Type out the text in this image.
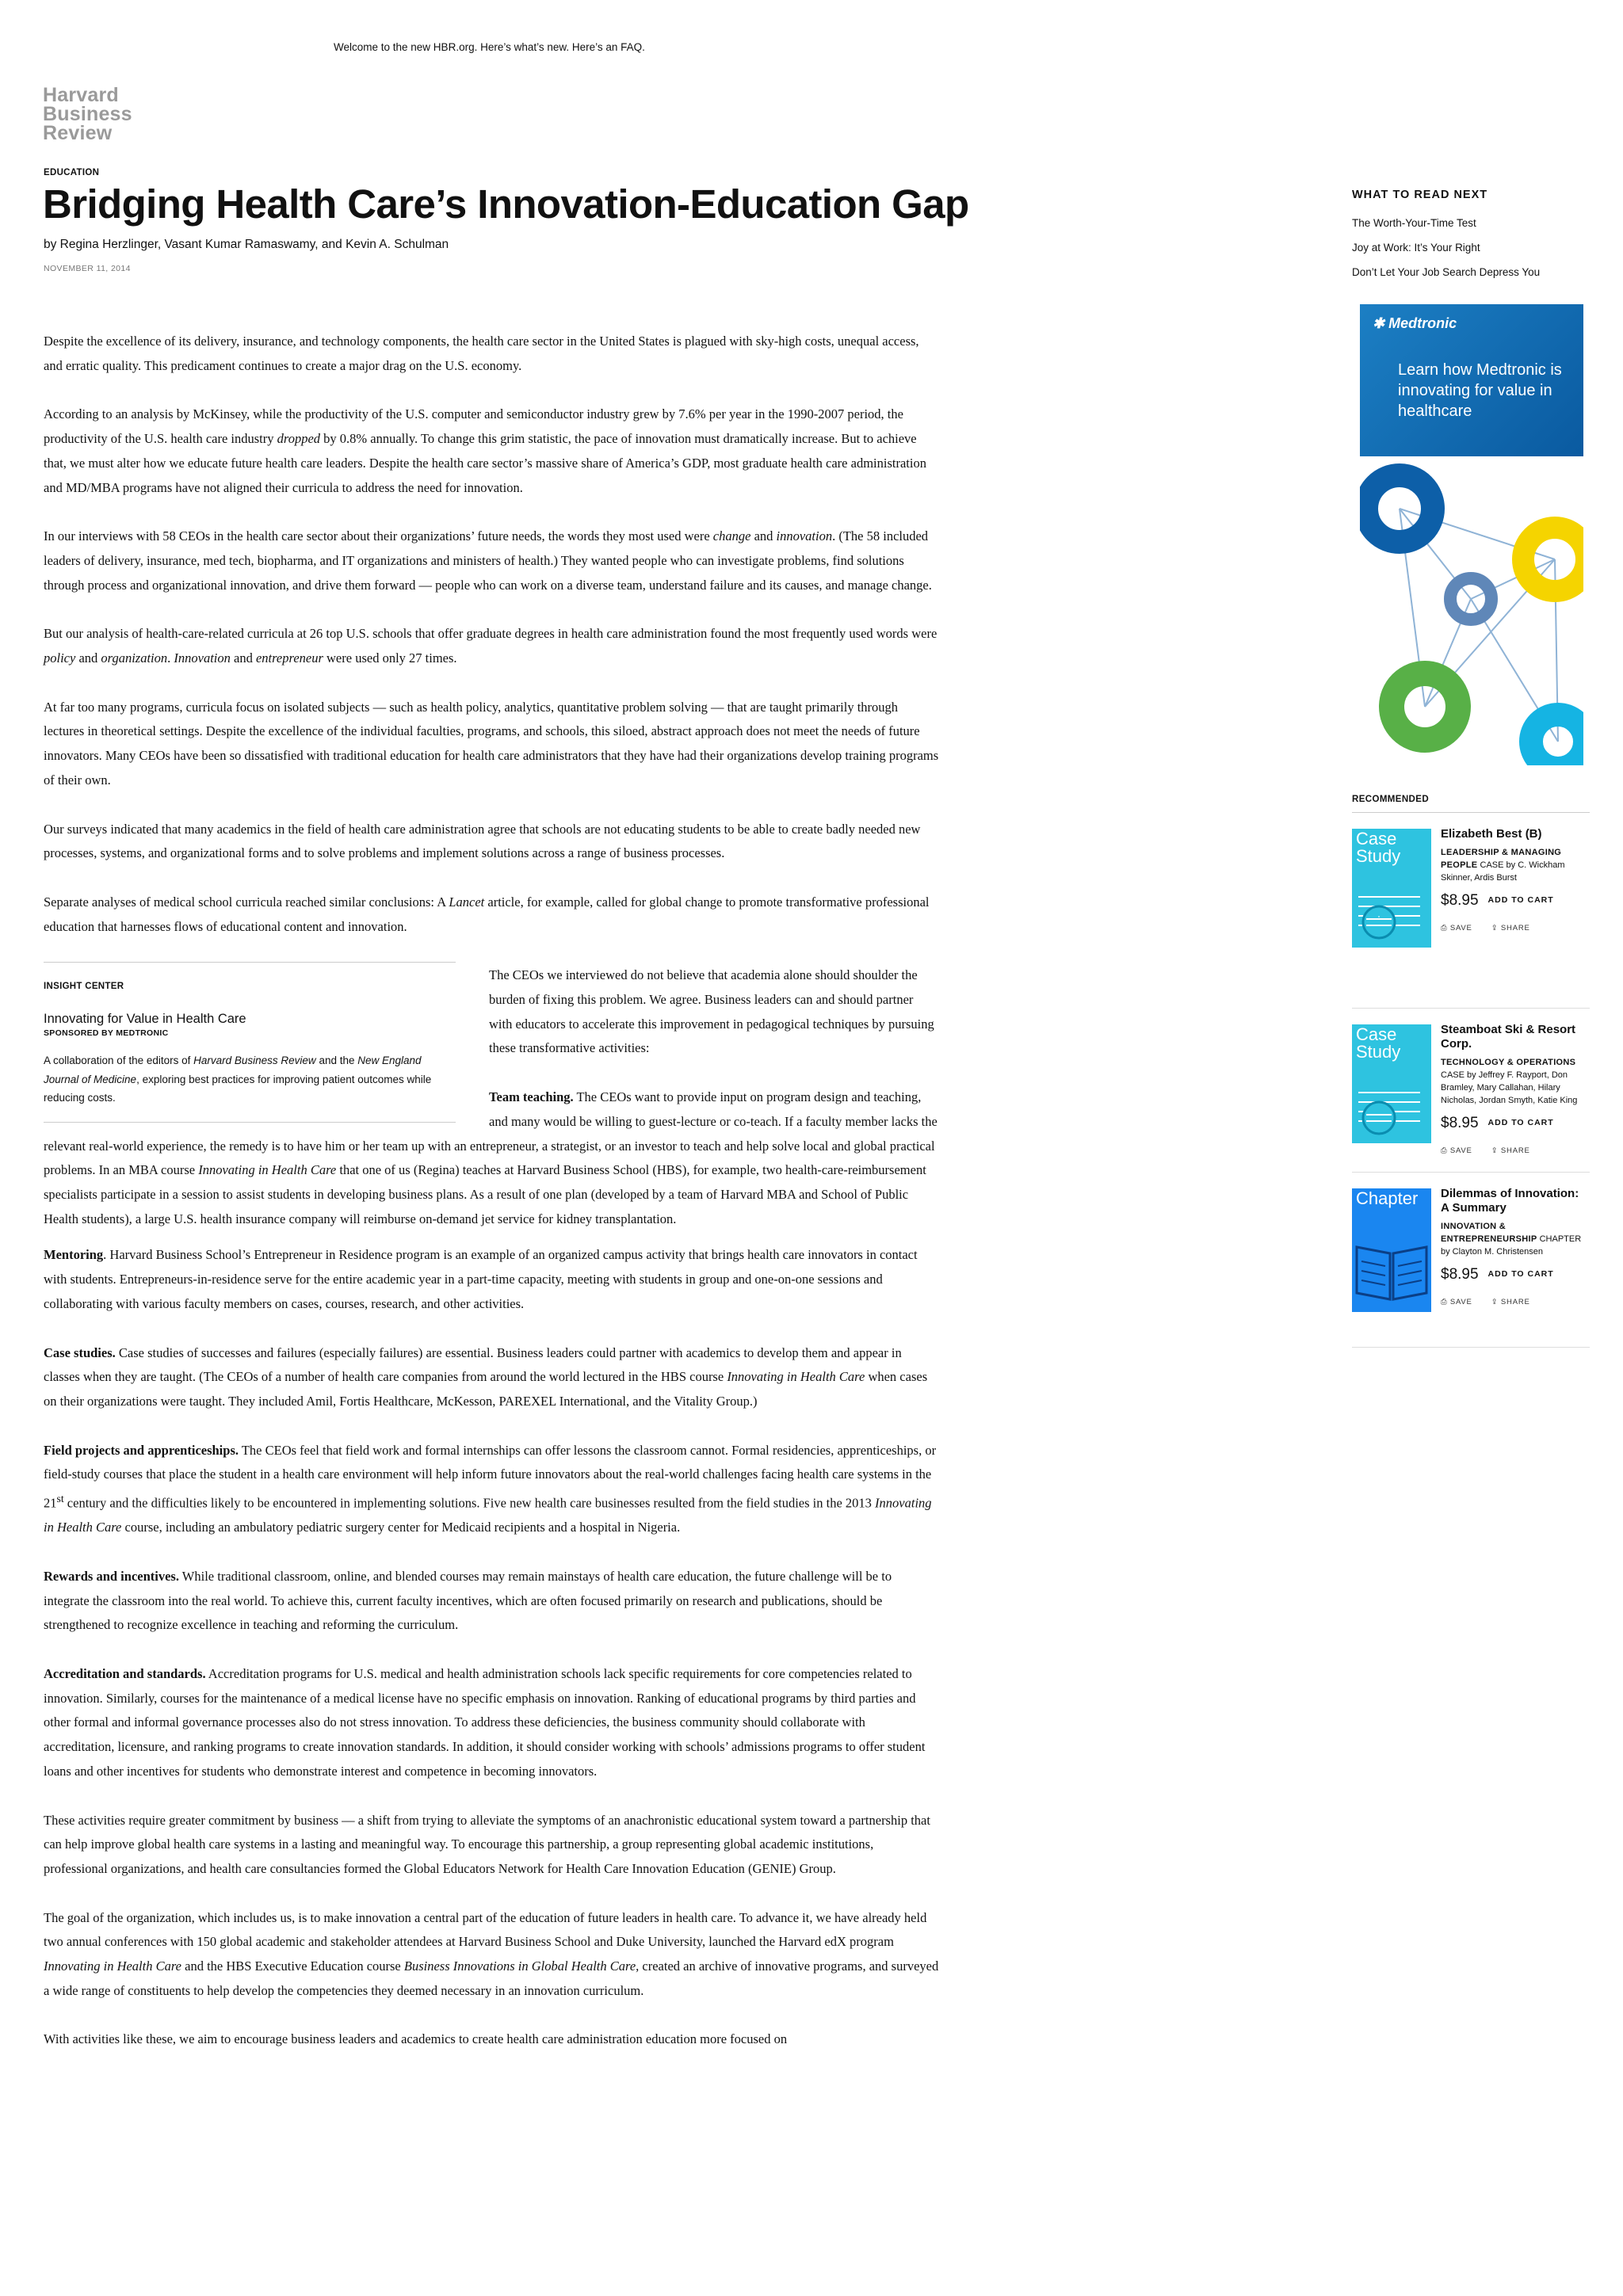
Welcome to the new HBR.org. Here’s what’s new. Here’s an FAQ.
Harvard
Business
Review
EDUCATION
Bridging Health Care’s Innovation-Education Gap
by Regina Herzlinger, Vasant Kumar Ramaswamy, and Kevin A. Schulman
NOVEMBER 11, 2014

Despite the excellence of its delivery, insurance, and technology components, the health care sector in the United States is plagued with sky-high costs, unequal access, and erratic quality. This predicament continues to create a major drag on the U.S. economy.

According to an analysis by McKinsey, while the productivity of the U.S. computer and semiconductor industry grew by 7.6% per year in the 1990-2007 period, the productivity of the U.S. health care industry dropped by 0.8% annually. To change this grim statistic, the pace of innovation must dramatically increase. But to achieve that, we must alter how we educate future health care leaders. Despite the health care sector’s massive share of America’s GDP, most graduate health care administration and MD/MBA programs have not aligned their curricula to address the need for innovation.

In our interviews with 58 CEOs in the health care sector about their organizations’ future needs, the words they most used were change and innovation. (The 58 included leaders of delivery, insurance, med tech, biopharma, and IT organizations and ministers of health.) They wanted people who can investigate problems, find solutions through process and organizational innovation, and drive them forward — people who can work on a diverse team, understand failure and its causes, and manage change.

But our analysis of health-care-related curricula at 26 top U.S. schools that offer graduate degrees in health care administration found the most frequently used words were policy and organization. Innovation and entrepreneur were used only 27 times.

At far too many programs, curricula focus on isolated subjects — such as health policy, analytics, quantitative problem solving — that are taught primarily through lectures in theoretical settings. Despite the excellence of the individual faculties, programs, and schools, this siloed, abstract approach does not meet the needs of future innovators. Many CEOs have been so dissatisfied with traditional education for health care administrators that they have had their organizations develop training programs of their own.

Our surveys indicated that many academics in the field of health care administration agree that schools are not educating students to be able to create badly needed new processes, systems, and organizational forms and to solve problems and implement solutions across a range of business processes.

Separate analyses of medical school curricula reached similar conclusions: A Lancet article, for example, called for global change to promote transformative professional education that harnesses flows of educational content and innovation.

INSIGHT CENTER
Innovating for Value in Health Care
SPONSORED BY MEDTRONIC
A collaboration of the editors of Harvard Business Review and the New England Journal of Medicine, exploring best practices for improving patient outcomes while reducing costs.

The CEOs we interviewed do not believe that academia alone should shoulder the burden of fixing this problem. We agree. Business leaders can and should partner with educators to accelerate this improvement in pedagogical techniques by pursuing these transformative activities:

Team teaching. The CEOs want to provide input on program design and teaching, and many would be willing to guest-lecture or co-teach. If a faculty member lacks the relevant real-world experience, the remedy is to have him or her team up with an entrepreneur, a strategist, or an investor to teach and help solve local and global practical problems. In an MBA course Innovating in Health Care that one of us (Regina) teaches at Harvard Business School (HBS), for example, two health-care-reimbursement specialists participate in a session to assist students in developing business plans. As a result of one plan (developed by a team of Harvard MBA and School of Public Health students), a large U.S. health insurance company will reimburse on-demand jet service for kidney transplantation.

Mentoring. Harvard Business School’s Entrepreneur in Residence program is an example of an organized campus activity that brings health care innovators in contact with students. Entrepreneurs-in-residence serve for the entire academic year in a part-time capacity, meeting with students in group and one-on-one sessions and collaborating with various faculty members on cases, courses, research, and other activities.

Case studies. Case studies of successes and failures (especially failures) are essential. Business leaders could partner with academics to develop them and appear in classes when they are taught. (The CEOs of a number of health care companies from around the world lectured in the HBS course Innovating in Health Care when cases on their organizations were taught. They included Amil, Fortis Healthcare, McKesson, PAREXEL International, and the Vitality Group.)

Field projects and apprenticeships. The CEOs feel that field work and formal internships can offer lessons the classroom cannot. Formal residencies, apprenticeships, or field-study courses that place the student in a health care environment will help inform future innovators about the real-world challenges facing health care systems in the 21st century and the difficulties likely to be encountered in implementing solutions. Five new health care businesses resulted from the field studies in the 2013 Innovating in Health Care course, including an ambulatory pediatric surgery center for Medicaid recipients and a hospital in Nigeria.

Rewards and incentives. While traditional classroom, online, and blended courses may remain mainstays of health care education, the future challenge will be to integrate the classroom into the real world. To achieve this, current faculty incentives, which are often focused primarily on research and publications, should be strengthened to recognize excellence in teaching and reforming the curriculum.

Accreditation and standards. Accreditation programs for U.S. medical and health administration schools lack specific requirements for core competencies related to innovation. Similarly, courses for the maintenance of a medical license have no specific emphasis on innovation. Ranking of educational programs by third parties and other formal and informal governance processes also do not stress innovation. To address these deficiencies, the business community should collaborate with accreditation, licensure, and ranking programs to create innovation standards. In addition, it should consider working with schools’ admissions programs to offer student loans and other incentives for students who demonstrate interest and competence in becoming innovators.

These activities require greater commitment by business — a shift from trying to alleviate the symptoms of an anachronistic educational system toward a partnership that can help improve global health care systems in a lasting and meaningful way. To encourage this partnership, a group representing global academic institutions, professional organizations, and health care consultancies formed the Global Educators Network for Health Care Innovation Education (GENIE) Group.

The goal of the organization, which includes us, is to make innovation a central part of the education of future leaders in health care. To advance it, we have already held two annual conferences with 150 global academic and stakeholder attendees at Harvard Business School and Duke University, launched the Harvard edX program Innovating in Health Care and the HBS Executive Education course Business Innovations in Global Health Care, created an archive of innovative programs, and surveyed a wide range of constituents to help develop the competencies they deemed necessary in an innovation curriculum.

With activities like these, we aim to encourage business leaders and academics to create health care administration education more focused on

WHAT TO READ NEXT
The Worth-Your-Time Test
Joy at Work: It’s Your Right
Don’t Let Your Job Search Depress You
✱ Medtronic
Learn how Medtronic is innovating for value in healthcare
RECOMMENDED
Case Study
Elizabeth Best (B)
LEADERSHIP & MANAGING PEOPLE CASE by C. Wickham Skinner, Ardis Burst
$8.95 ADD TO CART
⎙ SAVE	⇪ SHARE
Case Study
Steamboat Ski & Resort Corp.
TECHNOLOGY & OPERATIONS CASE by Jeffrey F. Rayport, Don Bramley, Mary Callahan, Hilary Nicholas, Jordan Smyth, Katie King
$8.95 ADD TO CART
⎙ SAVE	⇪ SHARE
Chapter Dilemmas of Innovation: A Summary
INNOVATION & ENTREPRENEURSHIP CHAPTER by Clayton M. Christensen
$8.95 ADD TO CART
⎙ SAVE	⇪ SHARE
